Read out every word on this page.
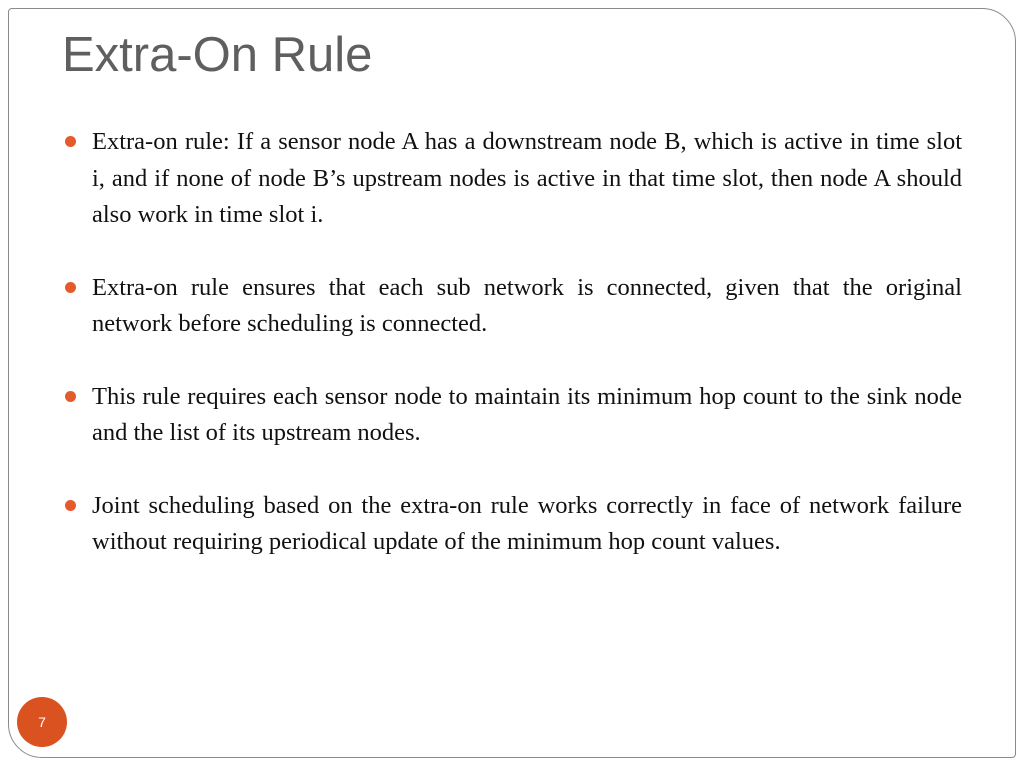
Extra-On Rule
Extra-on rule: If a sensor node A has a downstream node B, which is active in time slot i, and if none of node B’s upstream nodes is active in that time slot, then node A should also work in time slot i.
Extra-on rule ensures that each sub network is connected, given that the original network before scheduling is connected.
This rule requires each sensor node to maintain its minimum hop count to the sink node and the list of its upstream nodes.
Joint scheduling based on the extra-on rule works correctly in face of network failure without requiring periodical update of the minimum hop count values.
7
